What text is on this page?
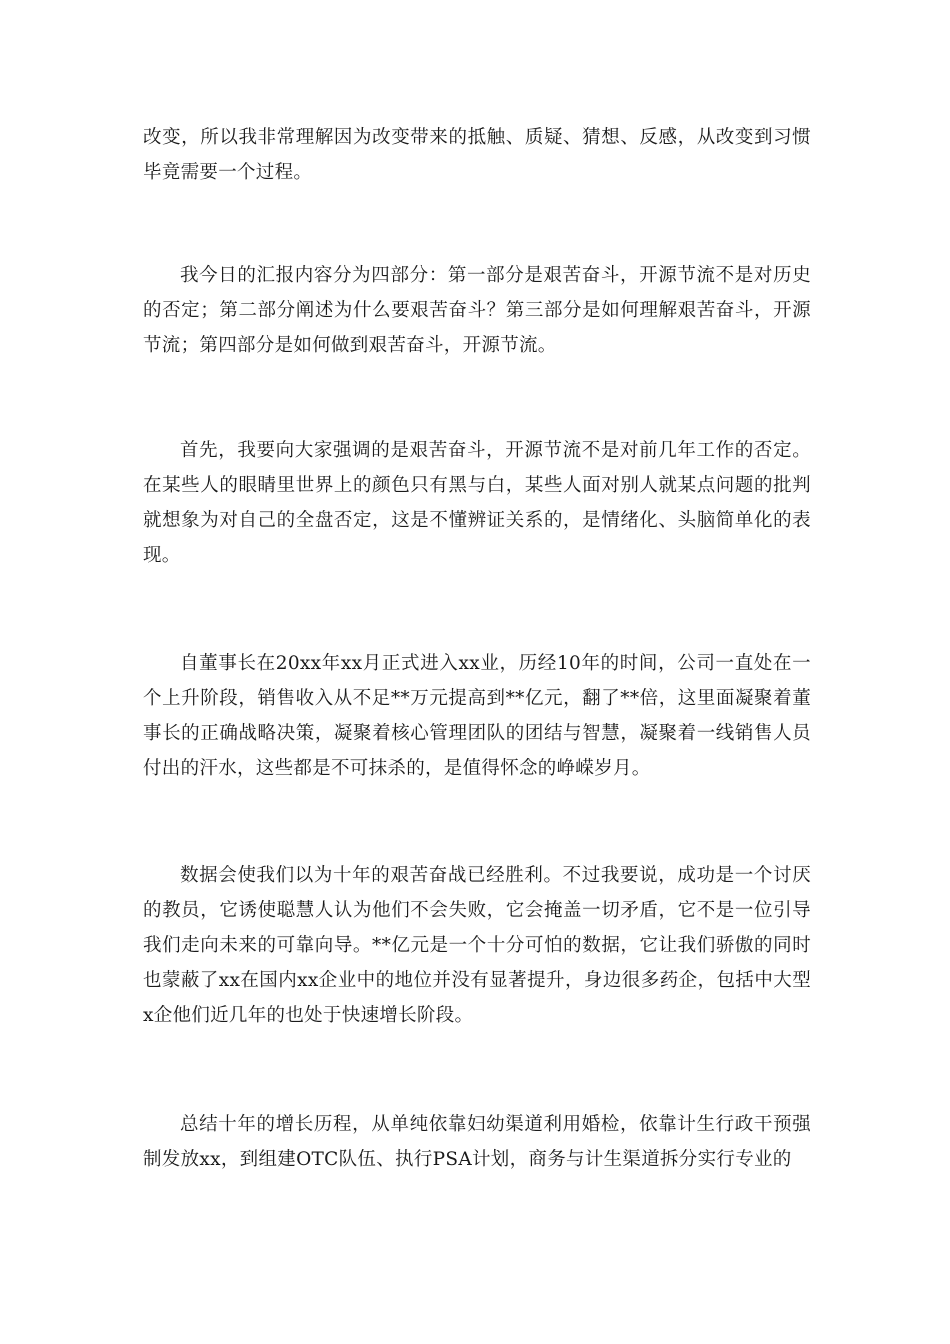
改变，所以我非常理解因为改变带来的抵触、质疑、猜想、反感，从改变到习惯毕竟需要一个过程。

我今日的汇报内容分为四部分：第一部分是艰苦奋斗，开源节流不是对历史的否定；第二部分阐述为什么要艰苦奋斗？第三部分是如何理解艰苦奋斗，开源节流；第四部分是如何做到艰苦奋斗，开源节流。

首先，我要向大家强调的是艰苦奋斗，开源节流不是对前几年工作的否定。在某些人的眼睛里世界上的颜色只有黑与白，某些人面对别人就某点问题的批判就想象为对自己的全盘否定，这是不懂辨证关系的，是情绪化、头脑简单化的表现。

自董事长在20xx年xx月正式进入xx业，历经10年的时间，公司一直处在一个上升阶段，销售收入从不足**万元提高到**亿元，翻了**倍，这里面凝聚着董事长的正确战略决策，凝聚着核心管理团队的团结与智慧，凝聚着一线销售人员付出的汗水，这些都是不可抹杀的，是值得怀念的峥嵘岁月。

数据会使我们以为十年的艰苦奋战已经胜利。不过我要说，成功是一个讨厌的教员，它诱使聪慧人认为他们不会失败，它会掩盖一切矛盾，它不是一位引导我们走向未来的可靠向导。**亿元是一个十分可怕的数据，它让我们骄傲的同时也蒙蔽了xx在国内xx企业中的地位并没有显著提升，身边很多药企，包括中大型x企他们近几年的也处于快速增长阶段。

总结十年的增长历程，从单纯依靠妇幼渠道利用婚检，依靠计生行政干预强制发放xx，到组建OTC队伍、执行PSA计划，商务与计生渠道拆分实行专业的
